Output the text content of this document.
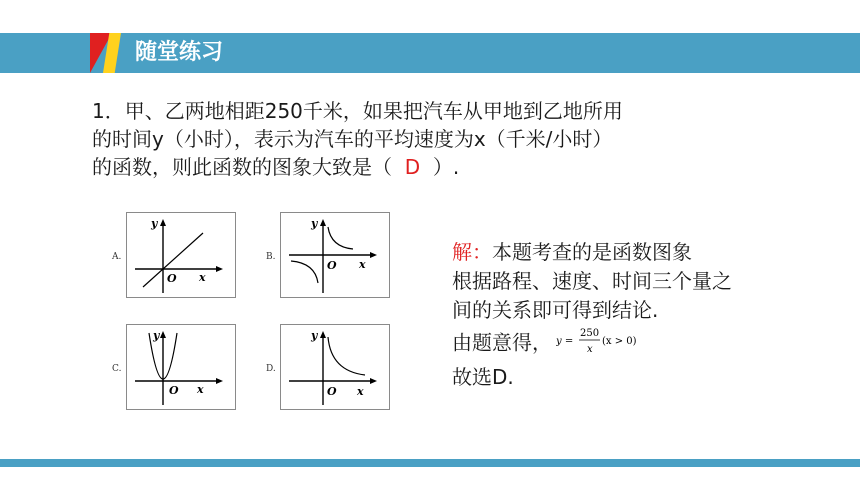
随堂练习
1．甲、乙两地相距250千米，如果把汽车从甲地到乙地所用
的时间y（小时），表示为汽车的平均速度为x（千米/小时）
的函数，则此函数的图象大致是（ D ）.
A.
y
x
O
B.
y
x
O
C.
y
x
O
D.
y
x
O
解：本题考查的是函数图象
根据路程、速度、时间三个量之
间的关系即可得到结论.
由题意得， y =
250
x
(x > 0)
故选D.
